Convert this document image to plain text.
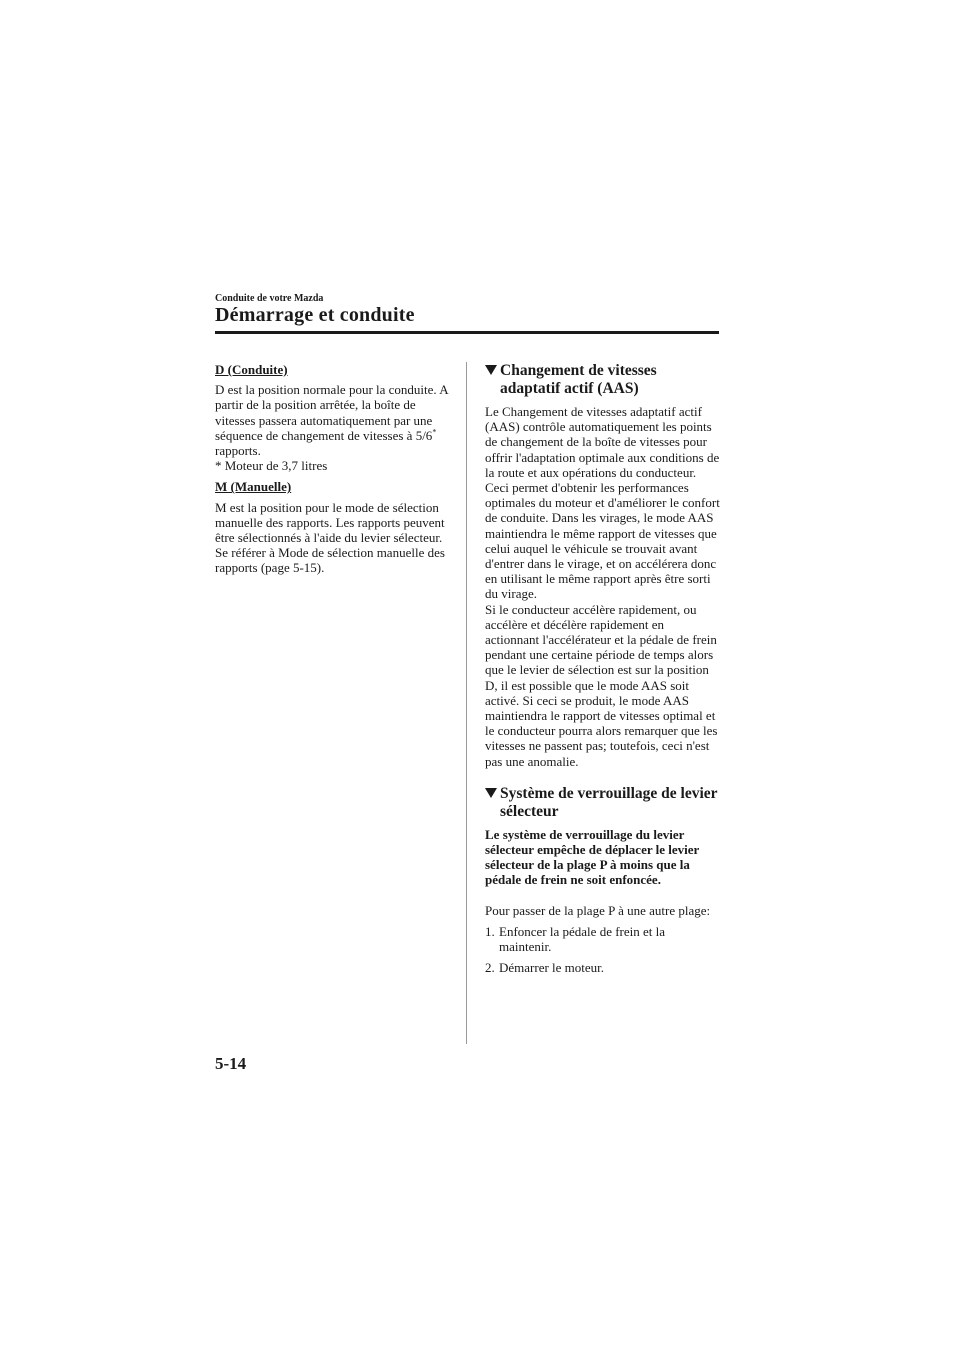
Conduite de votre Mazda
Démarrage et conduite

D (Conduite)

D est la position normale pour la conduite. A partir de la position arrêtée, la boîte de vitesses passera automatiquement par une séquence de changement de vitesses à 5/6* rapports.

* Moteur de 3,7 litres

M (Manuelle)

M est la position pour le mode de sélection manuelle des rapports. Les rapports peuvent être sélectionnés à l'aide du levier sélecteur.

Se référer à Mode de sélection manuelle des rapports (page 5-15).

Changement de vitesses adaptatif actif (AAS)

Le Changement de vitesses adaptatif actif (AAS) contrôle automatiquement les points de changement de la boîte de vitesses pour offrir l'adaptation optimale aux conditions de la route et aux opérations du conducteur. Ceci permet d'obtenir les performances optimales du moteur et d'améliorer le confort de conduite. Dans les virages, le mode AAS maintiendra le même rapport de vitesses que celui auquel le véhicule se trouvait avant d'entrer dans le virage, et on accélérera donc en utilisant le même rapport après être sorti du virage.

Si le conducteur accélère rapidement, ou accélère et décélère rapidement en actionnant l'accélérateur et la pédale de frein pendant une certaine période de temps alors que le levier de sélection est sur la position D, il est possible que le mode AAS soit activé. Si ceci se produit, le mode AAS maintiendra le rapport de vitesses optimal et le conducteur pourra alors remarquer que les vitesses ne passent pas; toutefois, ceci n'est pas une anomalie.

Système de verrouillage de levier sélecteur

Le système de verrouillage du levier sélecteur empêche de déplacer le levier sélecteur de la plage P à moins que la pédale de frein ne soit enfoncée.

Pour passer de la plage P à une autre plage:

1. Enfoncer la pédale de frein et la maintenir.
2. Démarrer le moteur.
5-14
